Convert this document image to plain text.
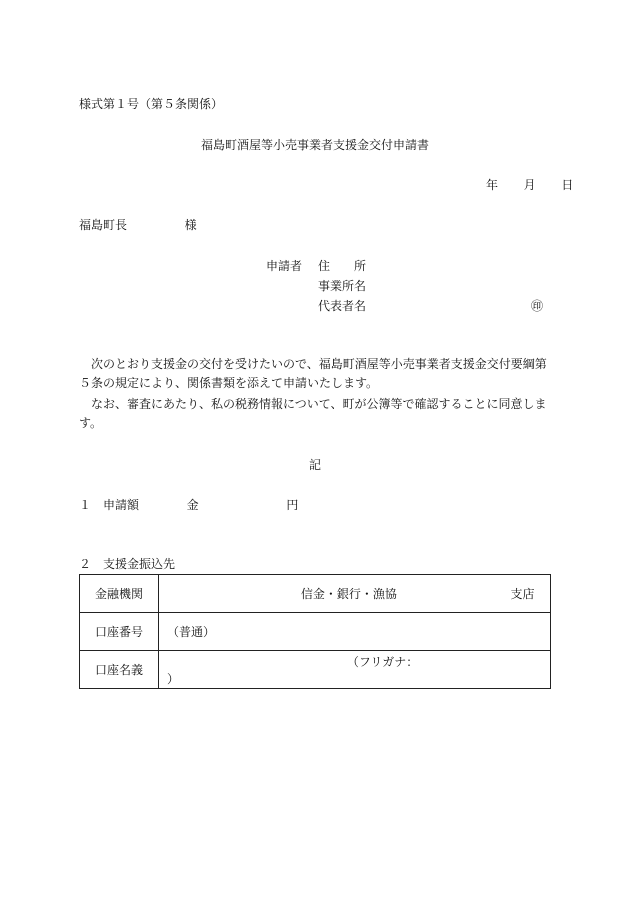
様式第１号（第５条関係）
福島町酒屋等小売事業者支援金交付申請書
年 月 日
福島町長	様
申請者 住　　所
事業所名
代表者名	㊞
次のとおり支援金の交付を受けたいので、福島町酒屋等小売事業者支援金交付要綱第５条の規定により、関係書類を添えて申請いたします。
なお、審査にあたり、私の税務情報について、町が公簿等で確認することに同意します。
記
１　申請額	金	円
２　支援金振込先
金融機関	信金・銀行・漁協 支店
口座番号	（普通）
口座名義	（フリガナ：  ）
